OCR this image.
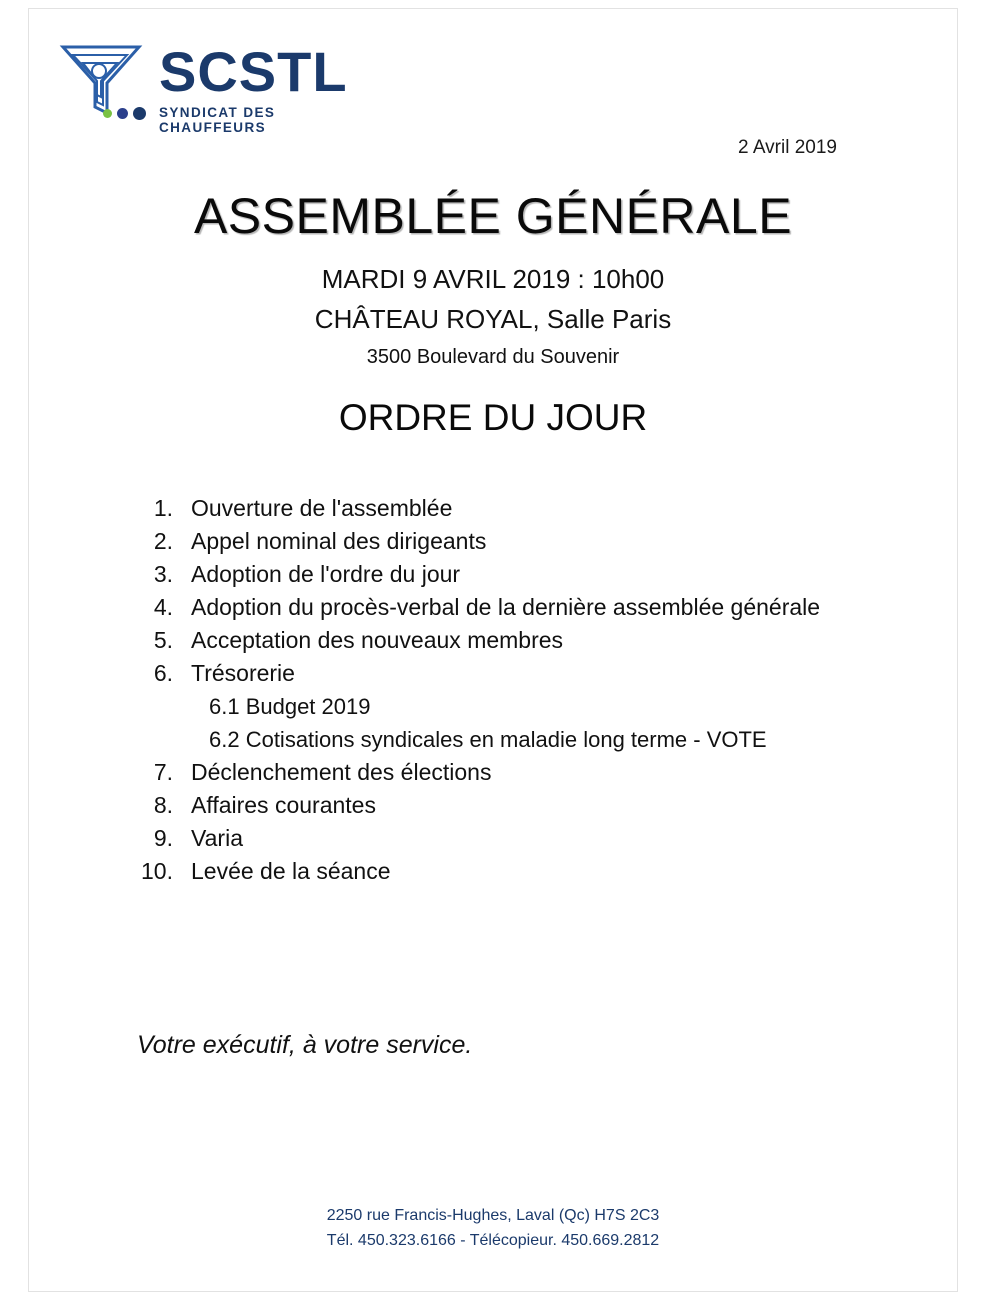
SCSTL
SYNDICAT DES CHAUFFEURS
2 Avril 2019
ASSEMBLÉE GÉNÉRALE
MARDI 9 AVRIL 2019 : 10h00
CHÂTEAU ROYAL, Salle Paris
3500 Boulevard du Souvenir
ORDRE DU JOUR
1. Ouverture de l'assemblée
2. Appel nominal des dirigeants
3. Adoption de l'ordre du jour
4. Adoption du procès-verbal de la dernière assemblée générale
5. Acceptation des nouveaux membres
6. Trésorerie
6.1 Budget 2019
6.2 Cotisations syndicales en maladie long terme - VOTE
7. Déclenchement des élections
8. Affaires courantes
9. Varia
10. Levée de la séance
Votre exécutif, à votre service.
2250 rue Francis-Hughes, Laval (Qc) H7S 2C3
Tél. 450.323.6166 - Télécopieur. 450.669.2812
